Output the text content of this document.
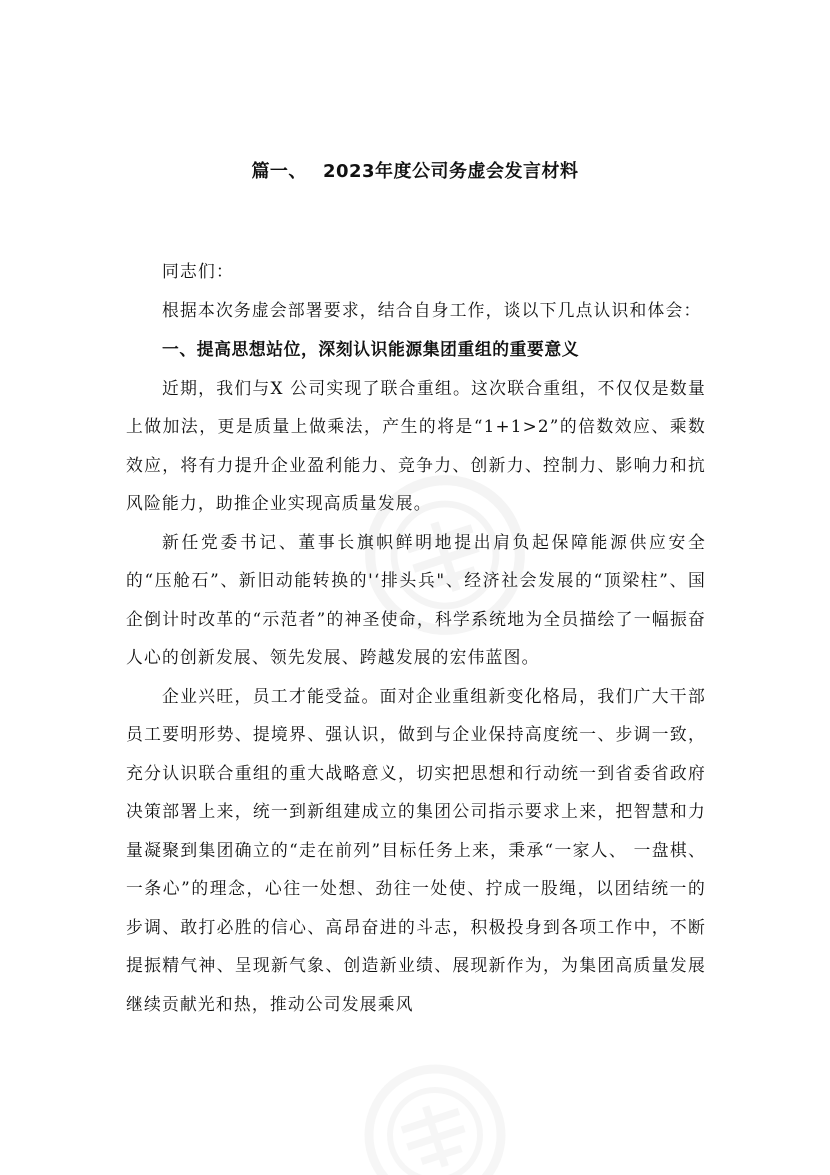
篇一、 2023年度公司务虚会发言材料

同志们：

根据本次务虚会部署要求，结合自身工作，谈以下几点认识和体会：

一、提高思想站位，深刻认识能源集团重组的重要意义

近期，我们与X 公司实现了联合重组。这次联合重组，不仅仅是数量上做加法，更是质量上做乘法，产生的将是“1+1>2”的倍数效应、乘数效应，将有力提升企业盈利能力、竞争力、创新力、控制力、影响力和抗风险能力，助推企业实现高质量发展。

新任党委书记、董事长旗帜鲜明地提出肩负起保障能源供应安全的“压舱石”、新旧动能转换的'‘排头兵"、经济社会发展的“顶梁柱”、国企倒计时改革的“示范者”的神圣使命，科学系统地为全员描绘了一幅振奋人心的创新发展、领先发展、跨越发展的宏伟蓝图。

企业兴旺，员工才能受益。面对企业重组新变化格局，我们广大干部员工要明形势、提境界、强认识，做到与企业保持高度统一、步调一致，充分认识联合重组的重大战略意义，切实把思想和行动统一到省委省政府决策部署上来，统一到新组建成立的集团公司指示要求上来，把智慧和力量凝聚到集团确立的“走在前列”目标任务上来，秉承“一家人、 一盘棋、 一条心”的理念，心往一处想、劲往一处使、拧成一股绳，以团结统一的步调、敢打必胜的信心、高昂奋进的斗志，积极投身到各项工作中，不断提振精气神、呈现新气象、创造新业绩、展现新作为，为集团高质量发展继续贡献光和热，推动公司发展乘风
